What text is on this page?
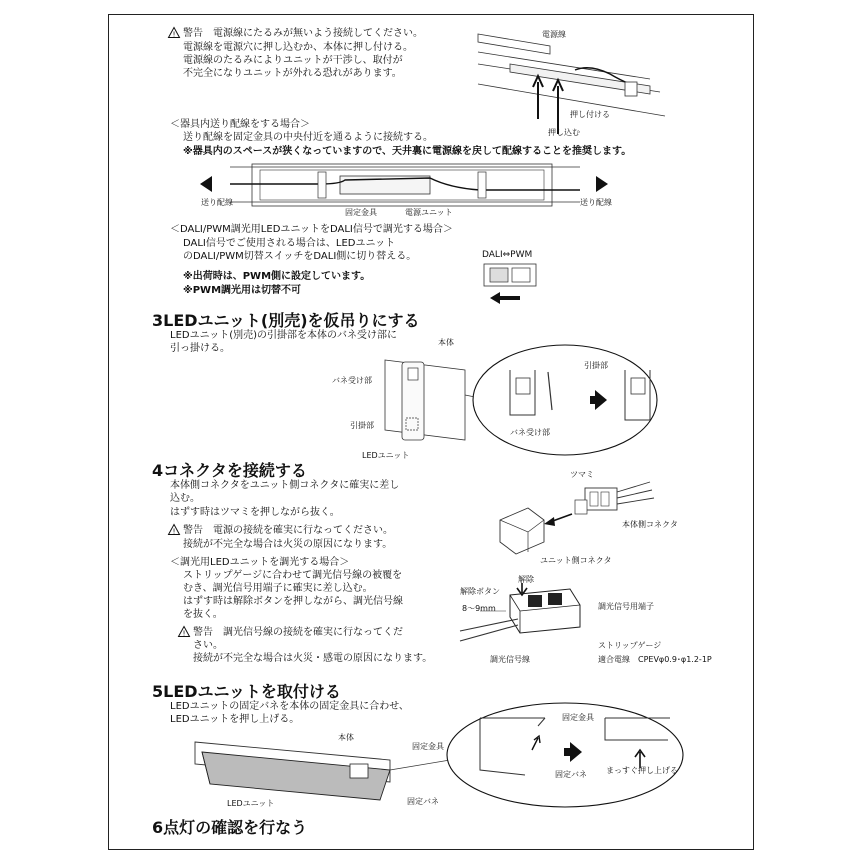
! 警告　電源線にたるみが無いよう接続してください。
電源線を電源穴に押し込むか、本体に押し付ける。
電源線のたるみによりユニットが干渉し、取付が
不完全になりユニットが外れる恐れがあります。
電源線
押し付ける
押し込む
＜器具内送り配線をする場合＞
送り配線を固定金具の中央付近を通るように接続する。
※器具内のスペースが狭くなっていますので、天井裏に電源線を戻して配線することを推奨します。
送り配線	送り配線
固定金具	電源ユニット
＜DALI/PWM調光用LEDユニットをDALI信号で調光する場合＞
DALI信号でご使用される場合は、LEDユニット
のDALI/PWM切替スイッチをDALI側に切り替える。
※出荷時は、PWM側に設定しています。
※PWM調光用は切替不可
DALI⇔PWM
3LEDユニット(別売)を仮吊りにする
LEDユニット(別売)の引掛部を本体のバネ受け部に
引っ掛ける。
本体
バネ受け部
引掛部
LEDユニット
引掛部
バネ受け部
4コネクタを接続する
本体側コネクタをユニット側コネクタに確実に差し
込む。
はずす時はツマミを押しながら抜く。
! 警告　電源の接続を確実に行なってください。
接続が不完全な場合は火災の原因になります。
＜調光用LEDユニットを調光する場合＞
ストリップゲージに合わせて調光信号線の被覆を
むき、調光信号用端子に確実に差し込む。
はずす時は解除ボタンを押しながら、調光信号線
を抜く。
! 警告　調光信号線の接続を確実に行なってくだ
さい。
接続が不完全な場合は火災・感電の原因になります。
ツマミ
本体側コネクタ
ユニット側コネクタ
解除
解除ボタン
8～9mm	調光信号用端子
ストリップゲージ
調光信号線	適合電線　CPEVφ0.9･φ1.2-1P
5LEDユニットを取付ける
LEDユニットの固定バネを本体の固定金具に合わせ、
LEDユニットを押し上げる。
本体
固定金具
LEDユニット	固定バネ
固定金具
固定バネ まっすぐ押し上げる
6点灯の確認を行なう
